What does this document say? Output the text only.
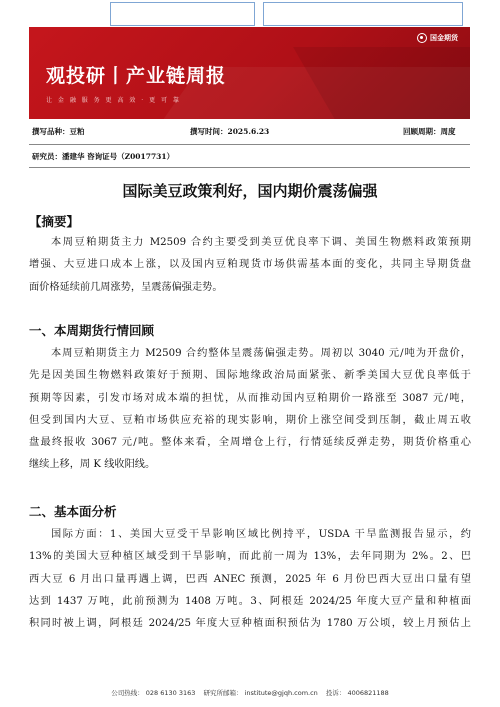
国金期货
观投研丨产业链周报
让 金 融 服 务 更 高 效 · 更 可 靠
撰写品种：豆粕	撰写时间：2025.6.23	回顾周期：周度
研究员：潘建华 咨询证号（Z0017731）
国际美豆政策利好，国内期价震荡偏强
【摘要】
本周豆粕期货主力 M2509 合约主要受到美豆优良率下调、美国生物燃料政策预期
增强、大豆进口成本上涨，以及国内豆粕现货市场供需基本面的变化，共同主导期货盘
面价格延续前几周涨势，呈震荡偏强走势。
一、本周期货行情回顾
本周豆粕期货主力 M2509 合约整体呈震荡偏强走势。周初以 3040 元/吨为开盘价，
先是因美国生物燃料政策好于预期、国际地缘政治局面紧张、新季美国大豆优良率低于
预期等因素，引发市场对成本端的担忧，从而推动国内豆粕期价一路涨至 3087 元/吨，
但受到国内大豆、豆粕市场供应充裕的现实影响，期价上涨空间受到压制，截止周五收
盘最终报收 3067 元/吨。整体来看，全周增仓上行，行情延续反弹走势，期货价格重心
继续上移，周 K 线收阳线。
二、基本面分析
国际方面：1、美国大豆受干旱影响区域比例持平，USDA 干旱监测报告显示，约
13%的美国大豆种植区域受到干旱影响，而此前一周为 13%，去年同期为 2%。2、巴
西大豆 6 月出口量再遇上调，巴西 ANEC 预测，2025 年 6 月份巴西大豆出口量有望
达到 1437 万吨，此前预测为 1408 万吨。3、阿根廷 2024/25 年度大豆产量和种植面
积同时被上调，阿根廷 2024/25 年度大豆种植面积预估为 1780 万公顷，较上月预估上
公司热线： 028 6130 3163 研究所邮箱： institute@gjqh.com.cn 投诉： 4006821188
